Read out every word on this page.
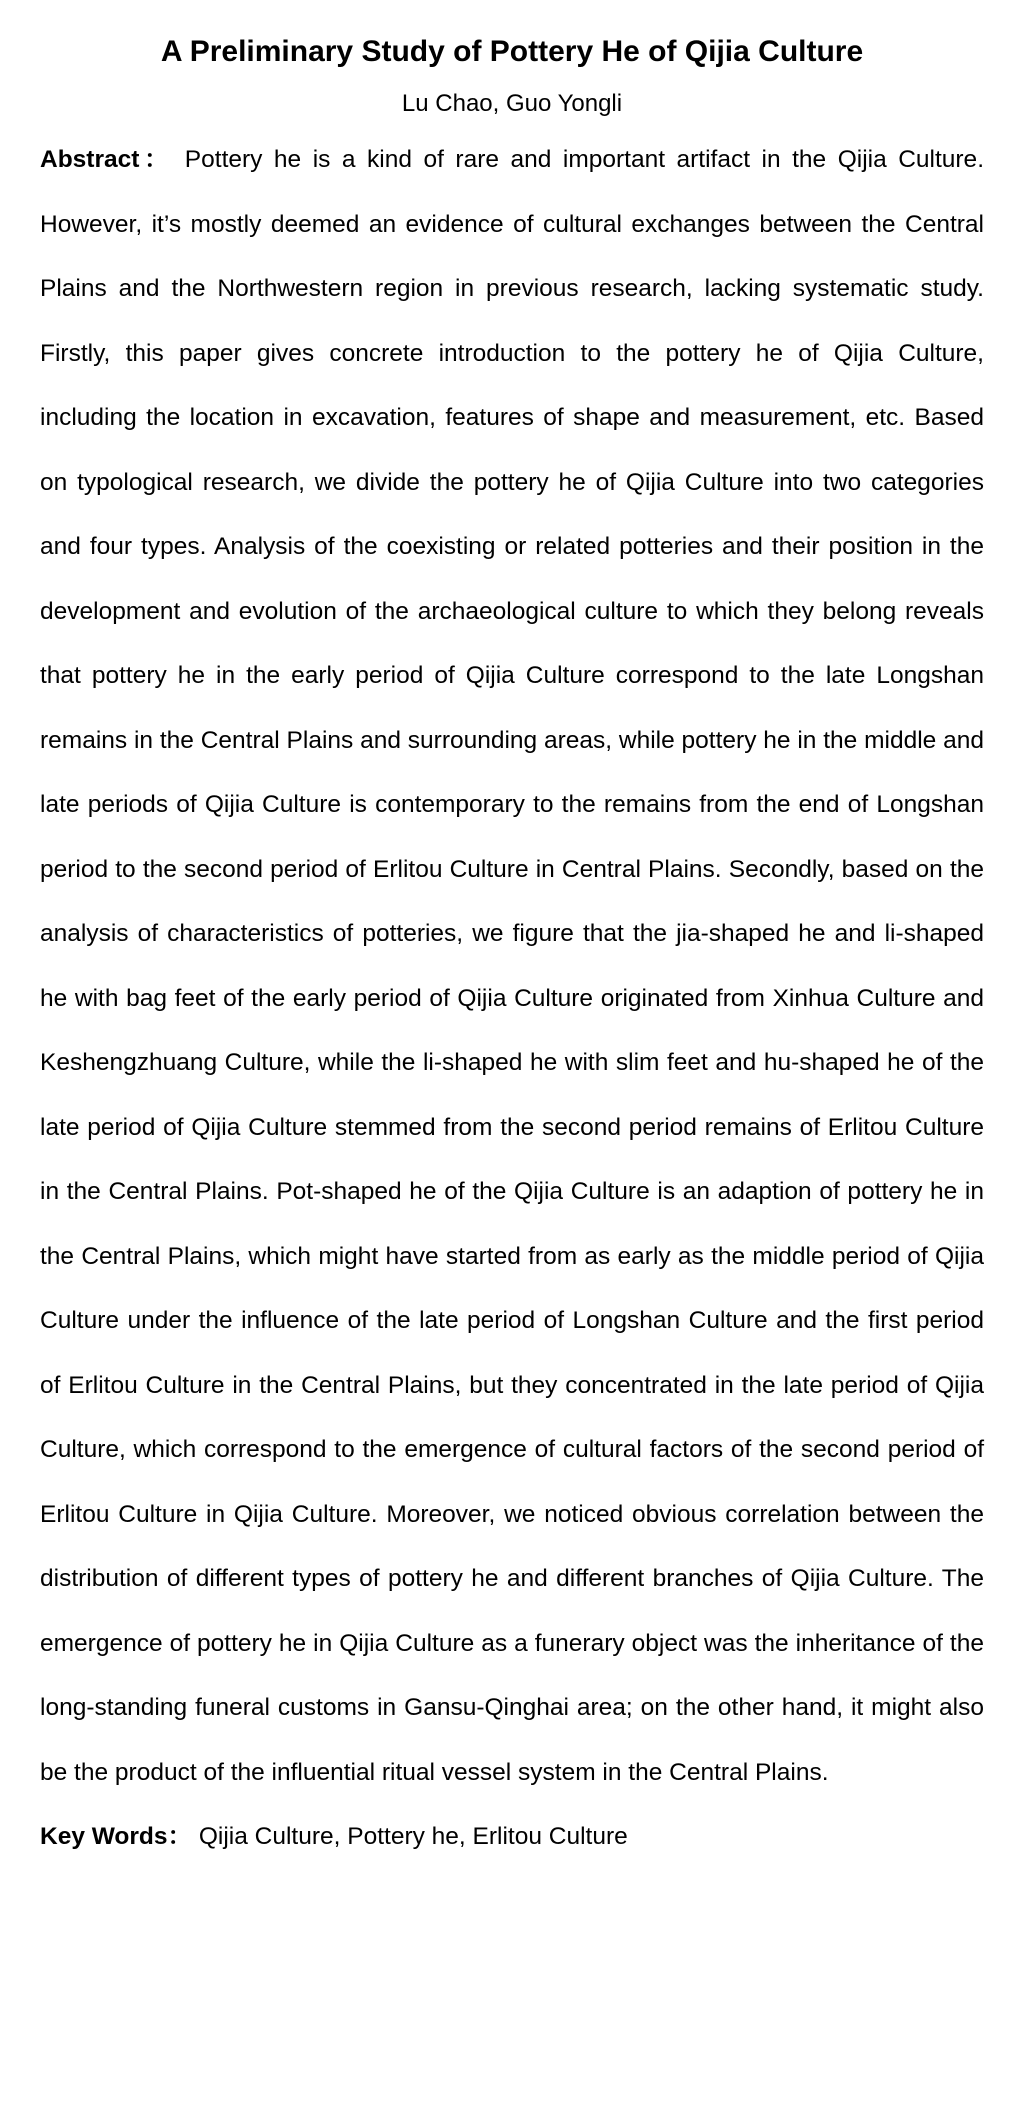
A Preliminary Study of Pottery He of Qijia Culture
Lu Chao, Guo Yongli

Abstract： Pottery he is a kind of rare and important artifact in the Qijia Culture. However, it’s mostly deemed an evidence of cultural exchanges between the Central Plains and the Northwestern region in previous research, lacking systematic study. Firstly, this paper gives concrete introduction to the pottery he of Qijia Culture, including the location in excavation, features of shape and measurement, etc. Based on typological research, we divide the pottery he of Qijia Culture into two categories and four types. Analysis of the coexisting or related potteries and their position in the development and evolution of the archaeological culture to which they belong reveals that pottery he in the early period of Qijia Culture correspond to the late Longshan remains in the Central Plains and surrounding areas, while pottery he in the middle and late periods of Qijia Culture is contemporary to the remains from the end of Longshan period to the second period of Erlitou Culture in Central Plains. Secondly, based on the analysis of characteristics of potteries, we figure that the jia-shaped he and li-shaped he with bag feet of the early period of Qijia Culture originated from Xinhua Culture and Keshengzhuang Culture, while the li-shaped he with slim feet and hu-shaped he of the late period of Qijia Culture stemmed from the second period remains of Erlitou Culture in the Central Plains. Pot-shaped he of the Qijia Culture is an adaption of pottery he in the Central Plains, which might have started from as early as the middle period of Qijia Culture under the influence of the late period of Longshan Culture and the first period of Erlitou Culture in the Central Plains, but they concentrated in the late period of Qijia Culture, which correspond to the emergence of cultural factors of the second period of Erlitou Culture in Qijia Culture. Moreover, we noticed obvious correlation between the distribution of different types of pottery he and different branches of Qijia Culture. The emergence of pottery he in Qijia Culture as a funerary object was the inheritance of the long-standing funeral customs in Gansu-Qinghai area; on the other hand, it might also be the product of the influential ritual vessel system in the Central Plains.

Key Words： Qijia Culture, Pottery he, Erlitou Culture
